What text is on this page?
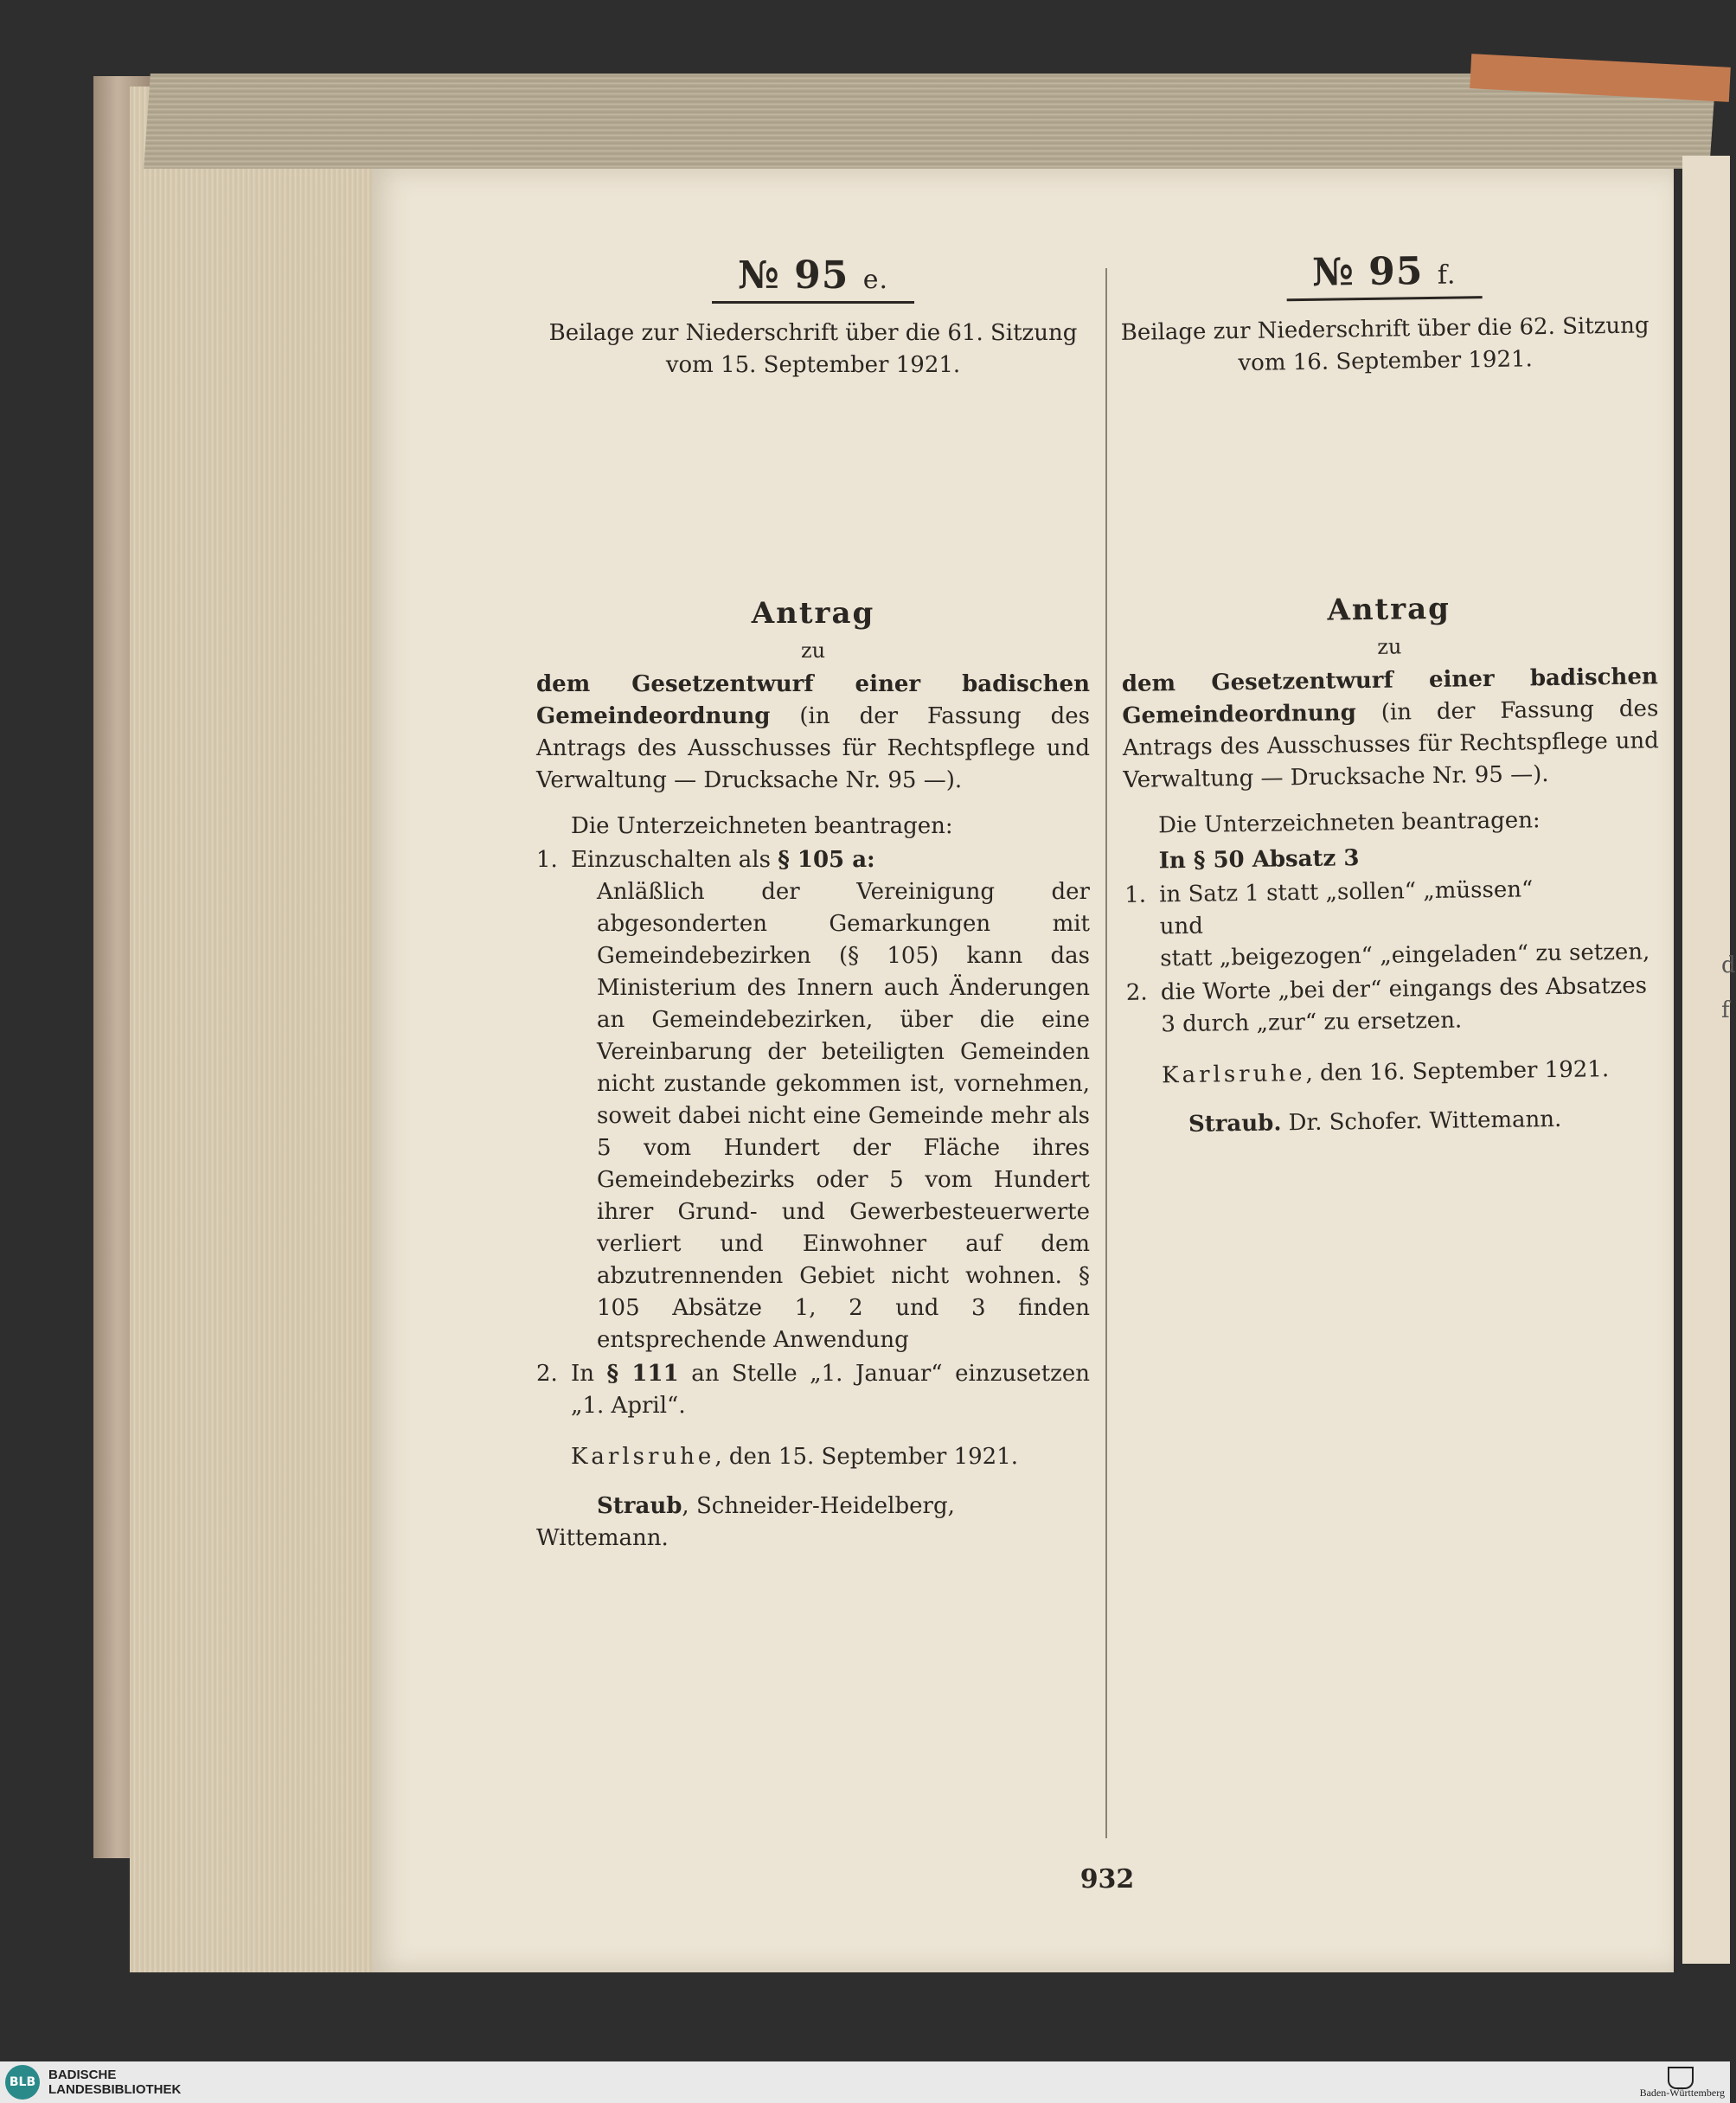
d
f
№ 95 e.
Beilage zur Niederschrift über die 61. Sitzung
vom 15. September 1921.
Antrag
zu
dem Gesetzentwurf einer badischen Gemeindeordnung (in der Fassung des Antrags des Ausschusses für Rechtspflege und Verwaltung — Drucksache Nr. 95 —).
Die Unterzeichneten beantragen:
1. Einzuschalten als § 105 a:
Anläßlich der Vereinigung der abgesonderten Gemarkungen mit Gemeindebezirken (§ 105) kann das Ministerium des Innern auch Änderungen an Gemeindebezirken, über die eine Vereinbarung der beteiligten Gemeinden nicht zustande gekommen ist, vornehmen, soweit dabei nicht eine Gemeinde mehr als 5 vom Hundert der Fläche ihres Gemeindebezirks oder 5 vom Hundert ihrer Grund- und Gewerbesteuerwerte verliert und Einwohner auf dem abzutrennenden Gebiet nicht wohnen. § 105 Absätze 1, 2 und 3 finden entsprechende Anwendung
2. In § 111 an Stelle „1. Januar“ einzusetzen „1. April“.
Karlsruhe, den 15. September 1921.
Straub, Schneider-Heidelberg, Wittemann.
№ 95 f.
Beilage zur Niederschrift über die 62. Sitzung
vom 16. September 1921.
Antrag
zu
dem Gesetzentwurf einer badischen Gemeindeordnung (in der Fassung des Antrags des Ausschusses für Rechtspflege und Verwaltung — Drucksache Nr. 95 —).
Die Unterzeichneten beantragen:
In § 50 Absatz 3
1. in Satz 1 statt „sollen“ „müssen“
und
statt „beigezogen“ „eingeladen“ zu setzen,
2. die Worte „bei der“ eingangs des Absatzes 3 durch „zur“ zu ersetzen.
Karlsruhe, den 16. September 1921.
Straub. Dr. Schofer. Wittemann.
932
BLB BADISCHE
LANDESBIBLIOTHEK	Baden-Württemberg
